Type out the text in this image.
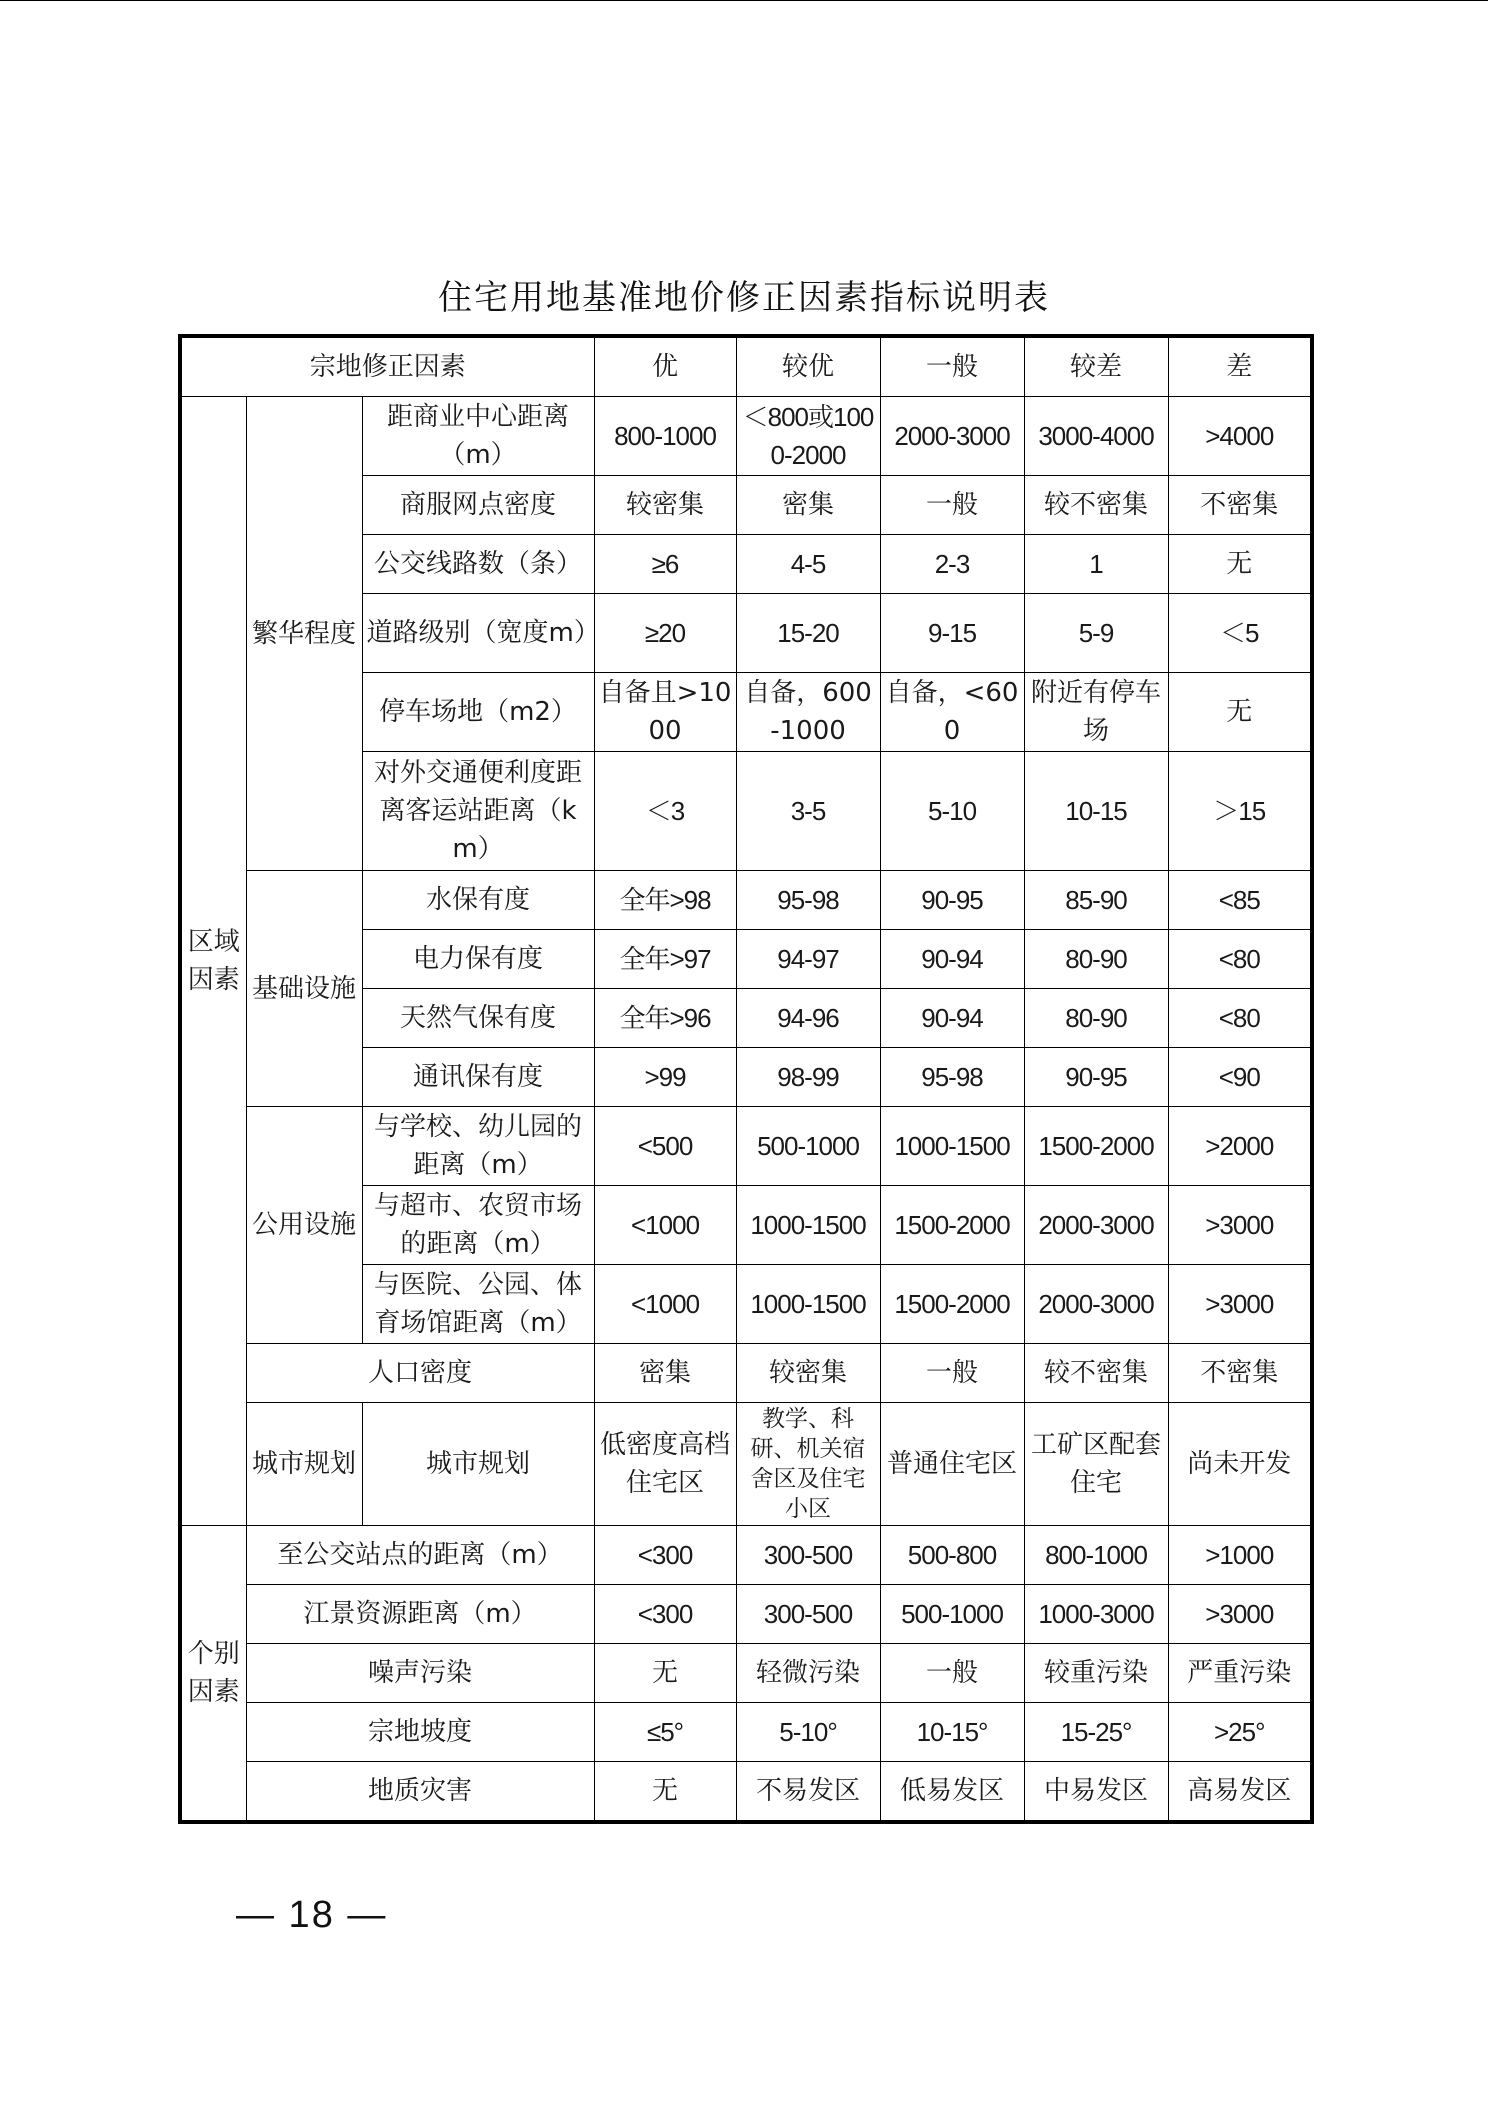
住宅用地基准地价修正因素指标说明表
宗地修正因素			优	较优	一般	较差	差
区域因素	繁华程度	距商业中心距离（m）	800-1000	＜800或1000-2000	2000-3000	3000-4000	>4000
		商服网点密度	较密集	密集	一般	较不密集	不密集
		公交线路数（条）	≥6	4-5	2-3	1	无
		道路级别（宽度m）	≥20	15-20	9-15	5-9	＜5
		停车场地（m2）	自备且>1000	自备，600-1000	自备，<600	附近有停车场	无
		对外交通便利度距离客运站距离（km）	＜3	3-5	5-10	10-15	＞15
	基础设施	水保有度	全年>98	95-98	90-95	85-90	<85
		电力保有度	全年>97	94-97	90-94	80-90	<80
		天然气保有度	全年>96	94-96	90-94	80-90	<80
		通讯保有度	>99	98-99	95-98	90-95	<90
	公用设施	与学校、幼儿园的距离（m）	<500	500-1000	1000-1500	1500-2000	>2000
		与超市、农贸市场的距离（m）	<1000	1000-1500	1500-2000	2000-3000	>3000
		与医院、公园、体育场馆距离（m）	<1000	1000-1500	1500-2000	2000-3000	>3000
	人口密度		密集	较密集	一般	较不密集	不密集
	城市规划	城市规划	低密度高档住宅区	教学、科研、机关宿舍区及住宅小区	普通住宅区	工矿区配套住宅	尚未开发
个别因素	至公交站点的距离（m）		<300	300-500	500-800	800-1000	>1000
	江景资源距离（m）		<300	300-500	500-1000	1000-3000	>3000
	噪声污染		无	轻微污染	一般	较重污染	严重污染
	宗地坡度		≤5°	5-10°	10-15°	15-25°	>25°
	地质灾害		无	不易发区	低易发区	中易发区	高易发区
— 18 —
